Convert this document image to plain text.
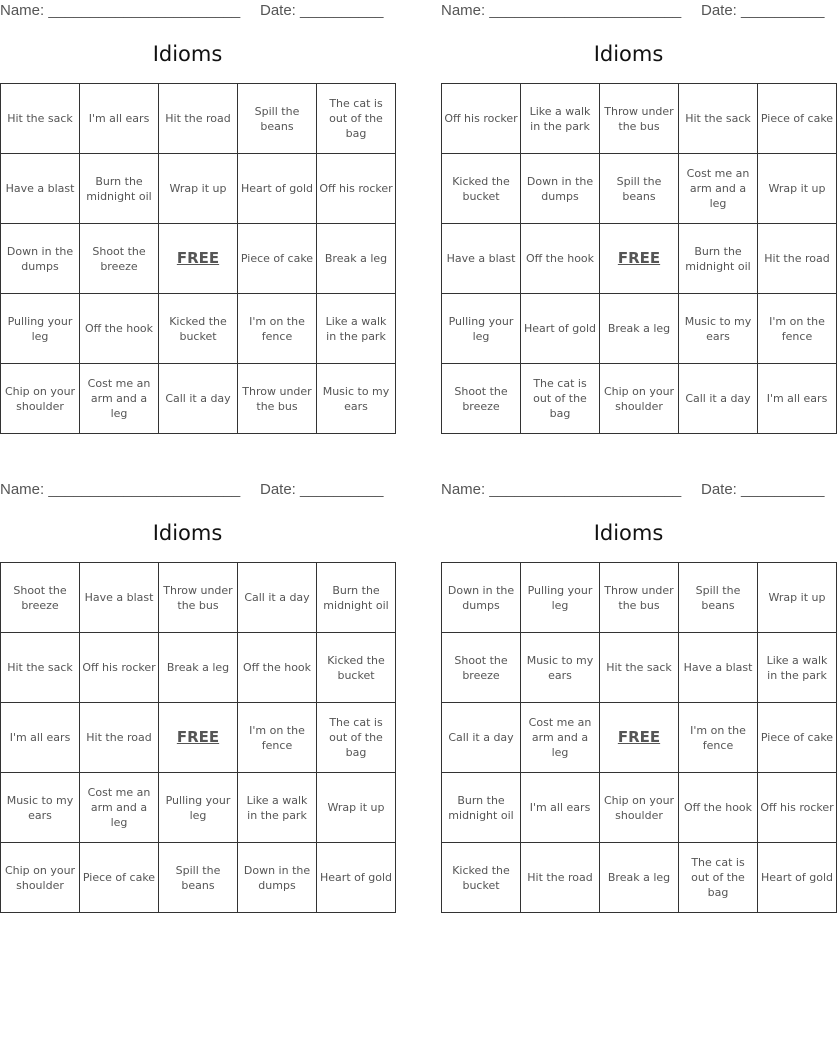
Name: _______________________ Date: __________
Idioms
Hit the sack	I'm all ears	Hit the road	Spill the beans	The cat is out of the bag
Have a blast	Burn the midnight oil	Wrap it up	Heart of gold	Off his rocker
Down in the dumps	Shoot the breeze	FREE	Piece of cake	Break a leg
Pulling your leg	Off the hook	Kicked the bucket	I'm on the fence	Like a walk in the park
Chip on your shoulder	Cost me an arm and a leg	Call it a day	Throw under the bus	Music to my ears
Name: _______________________ Date: __________
Idioms
Off his rocker	Like a walk in the park	Throw under the bus	Hit the sack	Piece of cake
Kicked the bucket	Down in the dumps	Spill the beans	Cost me an arm and a leg	Wrap it up
Have a blast	Off the hook	FREE	Burn the midnight oil	Hit the road
Pulling your leg	Heart of gold	Break a leg	Music to my ears	I'm on the fence
Shoot the breeze	The cat is out of the bag	Chip on your shoulder	Call it a day	I'm all ears
Name: _______________________ Date: __________
Idioms
Shoot the breeze	Have a blast	Throw under the bus	Call it a day	Burn the midnight oil
Hit the sack	Off his rocker	Break a leg	Off the hook	Kicked the bucket
I'm all ears	Hit the road	FREE	I'm on the fence	The cat is out of the bag
Music to my ears	Cost me an arm and a leg	Pulling your leg	Like a walk in the park	Wrap it up
Chip on your shoulder	Piece of cake	Spill the beans	Down in the dumps	Heart of gold
Name: _______________________ Date: __________
Idioms
Down in the dumps	Pulling your leg	Throw under the bus	Spill the beans	Wrap it up
Shoot the breeze	Music to my ears	Hit the sack	Have a blast	Like a walk in the park
Call it a day	Cost me an arm and a leg	FREE	I'm on the fence	Piece of cake
Burn the midnight oil	I'm all ears	Chip on your shoulder	Off the hook	Off his rocker
Kicked the bucket	Hit the road	Break a leg	The cat is out of the bag	Heart of gold
